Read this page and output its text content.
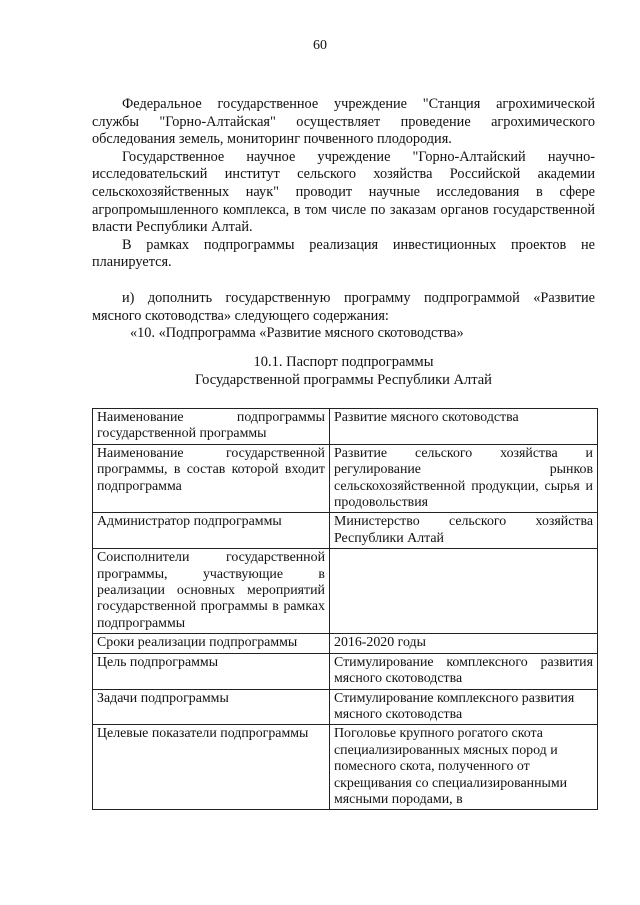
60

Федеральное государственное учреждение "Станция агрохимической службы "Горно-Алтайская" осуществляет проведение агрохимического обследования земель, мониторинг почвенного плодородия.

Государственное научное учреждение "Горно-Алтайский научно-исследовательский институт сельского хозяйства Российской академии сельскохозяйственных наук" проводит научные исследования в сфере агропромышленного комплекса, в том числе по заказам органов государственной власти Республики Алтай.

В рамках подпрограммы реализация инвестиционных проектов не планируется.

и) дополнить государственную программу подпрограммой «Развитие мясного скотоводства» следующего содержания:

«10. «Подпрограмма «Развитие мясного скотоводства»

10.1. Паспорт подпрограммы
Государственной программы Республики Алтай
Наименование подпрограммы государственной программы	Развитие мясного скотоводства
Наименование государственной программы, в состав которой входит подпрограмма	Развитие сельского хозяйства и регулирование рынков сельскохозяйственной продукции, сырья и продовольствия
Администратор подпрограммы	Министерство сельского хозяйства Республики Алтай
Соисполнители государственной программы, участвующие в реализации основных мероприятий государственной программы в рамках подпрограммы	
Сроки реализации подпрограммы	2016-2020 годы
Цель подпрограммы	Стимулирование комплексного развития мясного скотоводства
Задачи подпрограммы	Стимулирование комплексного развития мясного скотоводства
Целевые показатели подпрограммы	Поголовье крупного рогатого скота специализированных мясных пород и помесного скота, полученного от скрещивания со специализированными мясными породами, в
